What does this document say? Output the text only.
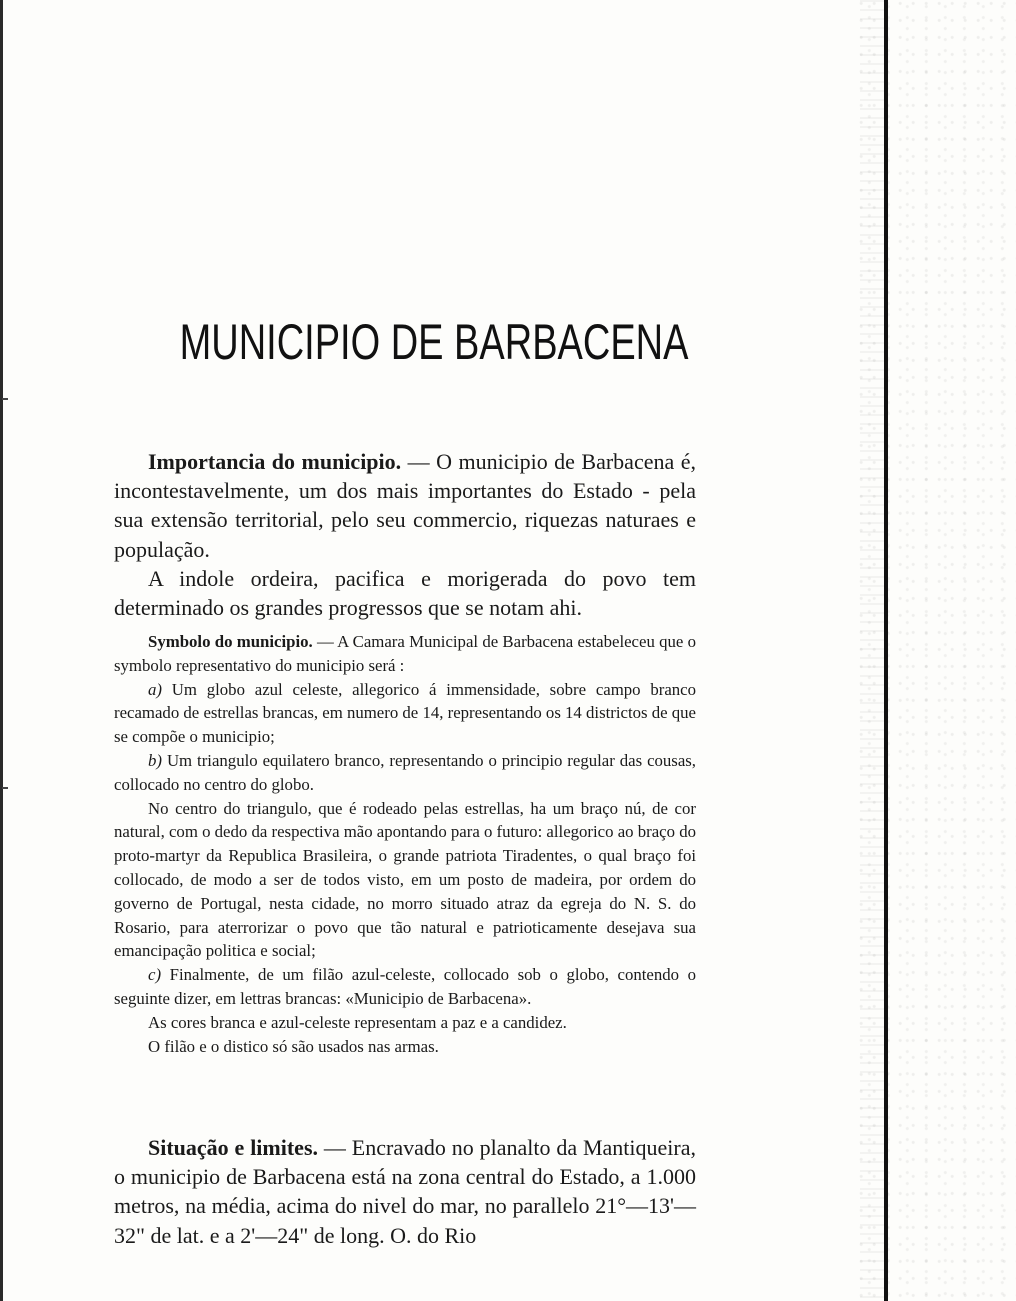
MUNICIPIO DE BARBACENA

Importancia do municipio. — O municipio de Barbacena é, incontestavelmente, um dos mais importantes do Estado - pela sua extensão territorial, pelo seu commercio, riquezas naturaes e população.

A indole ordeira, pacifica e morigerada do povo tem determinado os grandes progressos que se notam ahi.

Symbolo do municipio. — A Camara Municipal de Barbacena estabeleceu que o symbolo representativo do municipio será :

a) Um globo azul celeste, allegorico á immensidade, sobre campo branco recamado de estrellas brancas, em numero de 14, representando os 14 districtos de que se compõe o municipio;

b) Um triangulo equilatero branco, representando o principio regular das cousas, collocado no centro do globo.

No centro do triangulo, que é rodeado pelas estrellas, ha um braço nú, de cor natural, com o dedo da respectiva mão apontando para o futuro: allegorico ao braço do proto-martyr da Republica Brasileira, o grande patriota Tiradentes, o qual braço foi collocado, de modo a ser de todos visto, em um posto de madeira, por ordem do governo de Portugal, nesta cidade, no morro situado atraz da egreja do N. S. do Rosario, para aterrorizar o povo que tão natural e patrioticamente desejava sua emancipação politica e social;

c) Finalmente, de um filão azul-celeste, collocado sob o globo, contendo o seguinte dizer, em lettras brancas: «Municipio de Barbacena».

As cores branca e azul-celeste representam a paz e a candidez.

O filão e o distico só são usados nas armas.

Situação e limites. — Encravado no planalto da Mantiqueira, o municipio de Barbacena está na zona central do Estado, a 1.000 metros, na média, acima do nivel do mar, no parallelo 21°—13'—32" de lat. e a 2'—24" de long. O. do Rio
